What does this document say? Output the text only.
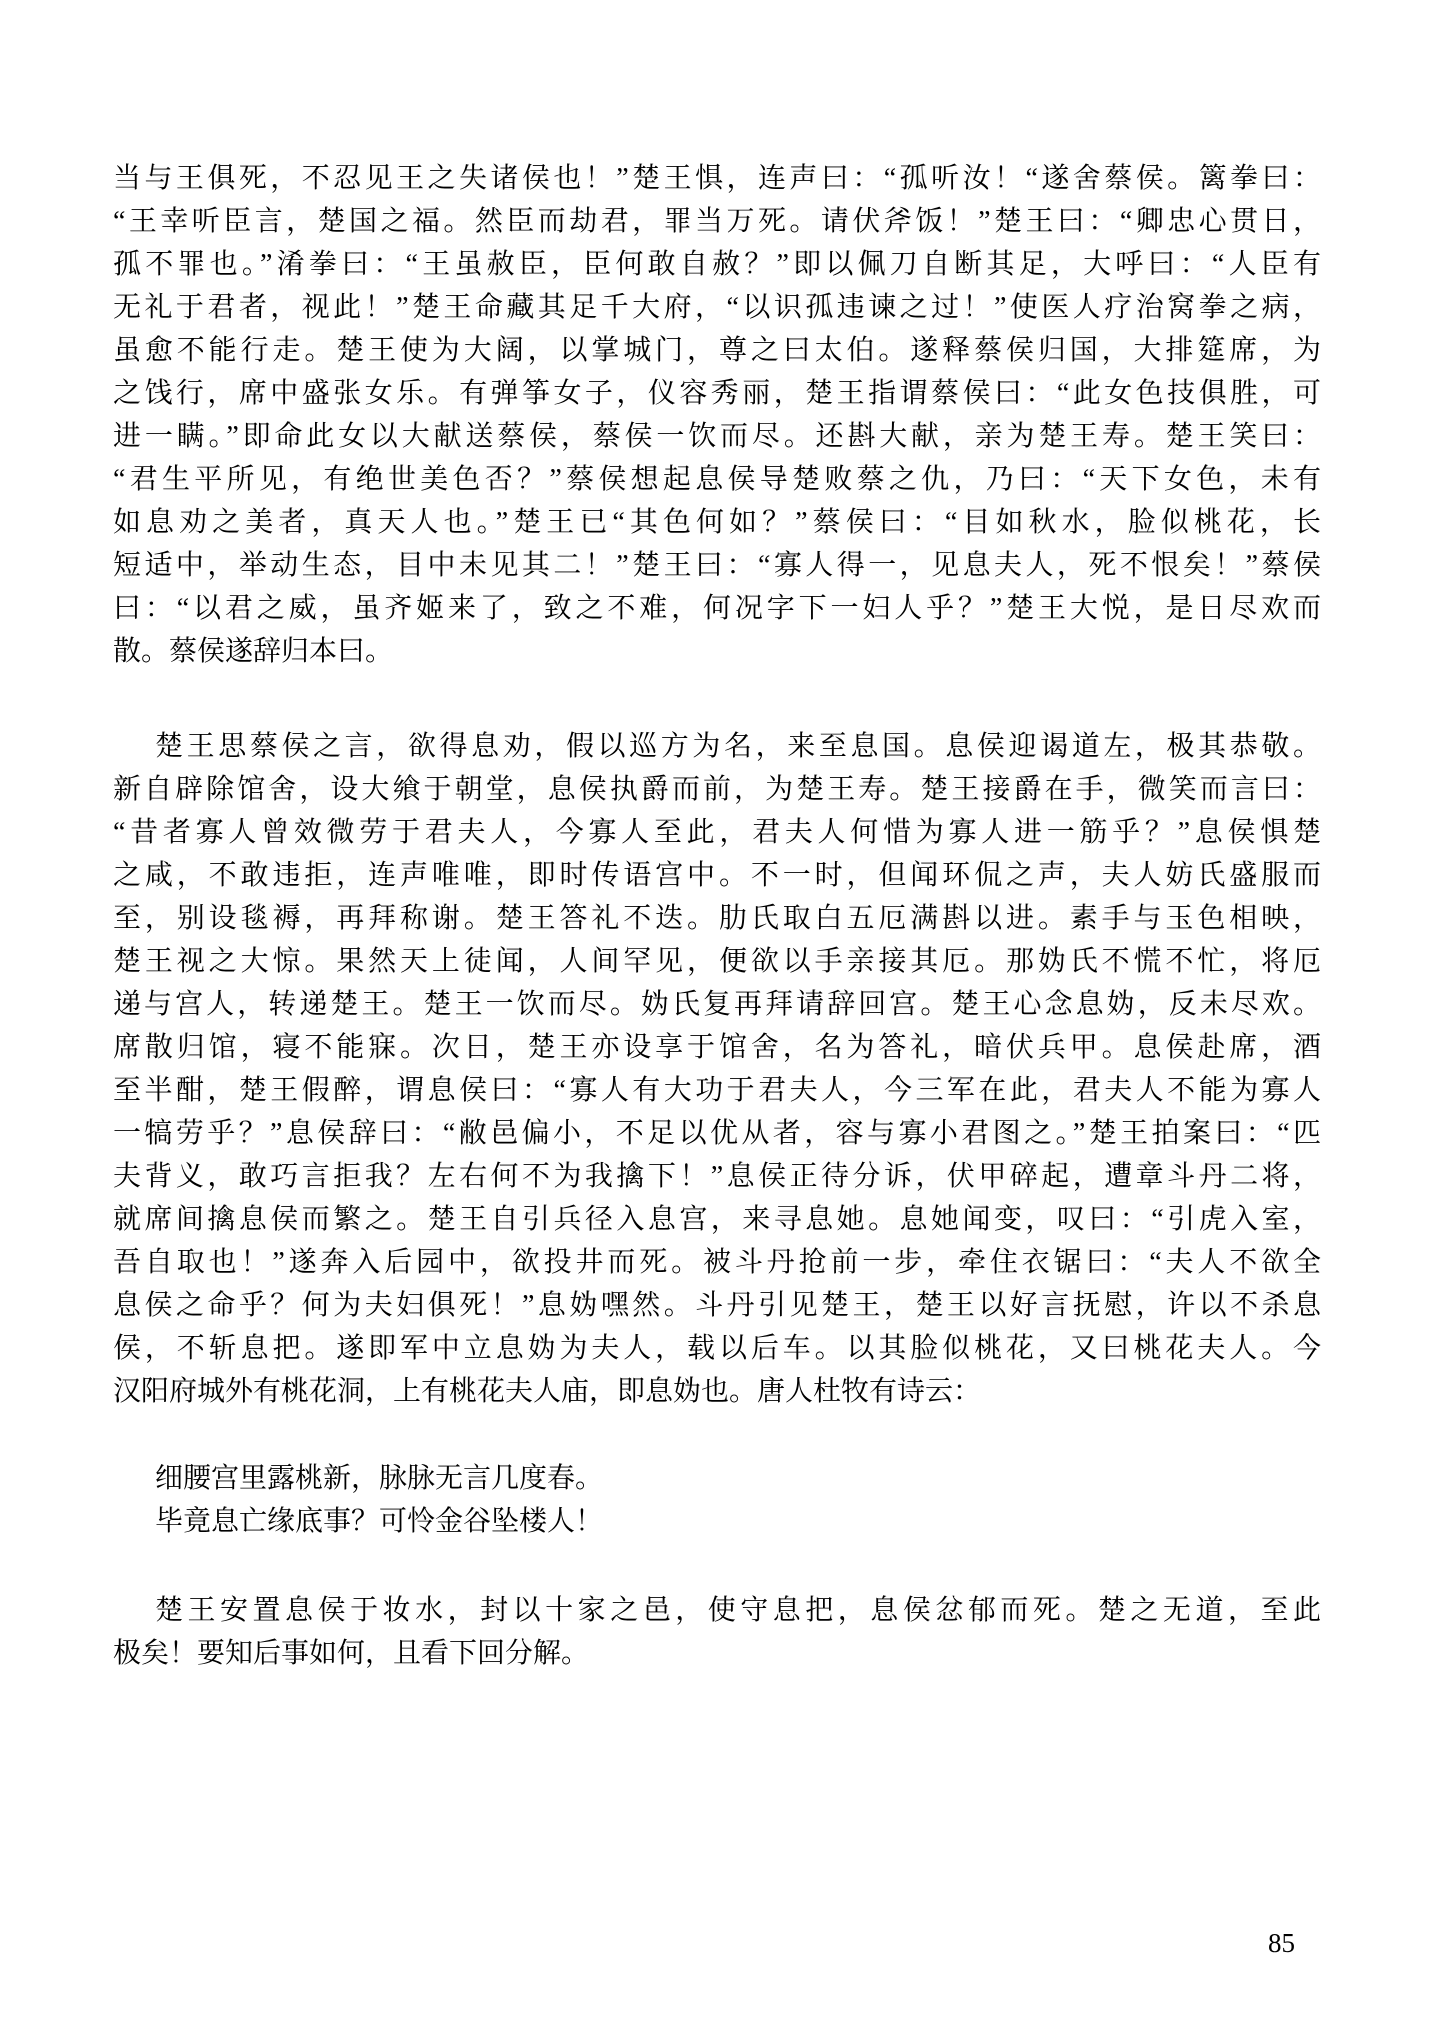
当与王俱死，不忍见王之失诸侯也！”楚王惧，连声曰：“孤听汝！“遂舍蔡侯。篱拳曰：
“王幸听臣言，楚国之福。然臣而劫君，罪当万死。请伏斧饭！”楚王曰：“卿忠心贯日，
孤不罪也。”淆拳曰：“王虽赦臣，臣何敢自赦？”即以佩刀自断其足，大呼曰：“人臣有
无礼于君者，视此！”楚王命藏其足千大府，“以识孤违谏之过！”使医人疗治窝拳之病，
虽愈不能行走。楚王使为大阔，以掌城门，尊之曰太伯。遂释蔡侯归国，大排筵席，为
之饯行，席中盛张女乐。有弹筝女子，仪容秀丽，楚王指谓蔡侯曰：“此女色技俱胜，可
进一瞒。”即命此女以大献送蔡侯，蔡侯一饮而尽。还斟大献，亲为楚王寿。楚王笑曰：
“君生平所见，有绝世美色否？”蔡侯想起息侯导楚败蔡之仇，乃曰：“天下女色，未有
如息劝之美者，真天人也。”楚王已“其色何如？”蔡侯曰：“目如秋水，脸似桃花，长
短适中，举动生态，目中未见其二！”楚王曰：“寡人得一，见息夫人，死不恨矣！”蔡侯
曰：“以君之威，虽齐姬来了，致之不难，何况字下一妇人乎？”楚王大悦，是日尽欢而
散。蔡侯遂辞归本曰。
楚王思蔡侯之言，欲得息劝，假以巡方为名，来至息国。息侯迎谒道左，极其恭敬。
新自辟除馆舍，设大飨于朝堂，息侯执爵而前，为楚王寿。楚王接爵在手，微笑而言曰：
“昔者寡人曾效微劳于君夫人，今寡人至此，君夫人何惜为寡人进一筋乎？”息侯惧楚
之咸，不敢违拒，连声唯唯，即时传语宫中。不一时，但闻环侃之声，夫人妨氏盛服而
至，别设毯褥，再拜称谢。楚王答礼不迭。肋氏取白五厄满斟以进。素手与玉色相映，
楚王视之大惊。果然天上徒闻，人间罕见，便欲以手亲接其厄。那妫氏不慌不忙，将厄
递与宫人，转递楚王。楚王一饮而尽。妫氏复再拜请辞回宫。楚王心念息妫，反未尽欢。
席散归馆，寝不能寐。次日，楚王亦设享于馆舍，名为答礼，暗伏兵甲。息侯赴席，酒
至半酣，楚王假醉，谓息侯曰：“寡人有大功于君夫人，今三军在此，君夫人不能为寡人
一犒劳乎？”息侯辞曰：“敝邑偏小，不足以优从者，容与寡小君图之。”楚王拍案曰：“匹
夫背义，敢巧言拒我？左右何不为我擒下！”息侯正待分诉，伏甲碎起，遭章斗丹二将，
就席间擒息侯而繁之。楚王自引兵径入息宫，来寻息她。息她闻变，叹曰：“引虎入室，
吾自取也！”遂奔入后园中，欲投井而死。被斗丹抢前一步，牵住衣锯曰：“夫人不欲全
息侯之命乎？何为夫妇俱死！”息妫嘿然。斗丹引见楚王，楚王以好言抚慰，许以不杀息
侯，不斩息把。遂即军中立息妫为夫人，载以后车。以其脸似桃花，又曰桃花夫人。今
汉阳府城外有桃花洞，上有桃花夫人庙，即息妫也。唐人杜牧有诗云：
细腰宫里露桃新，脉脉无言几度春。
毕竟息亡缘底事？可怜金谷坠楼人！
楚王安置息侯于妆水，封以十家之邑，使守息把，息侯忿郁而死。楚之无道，至此
极矣！要知后事如何，且看下回分解。
85
